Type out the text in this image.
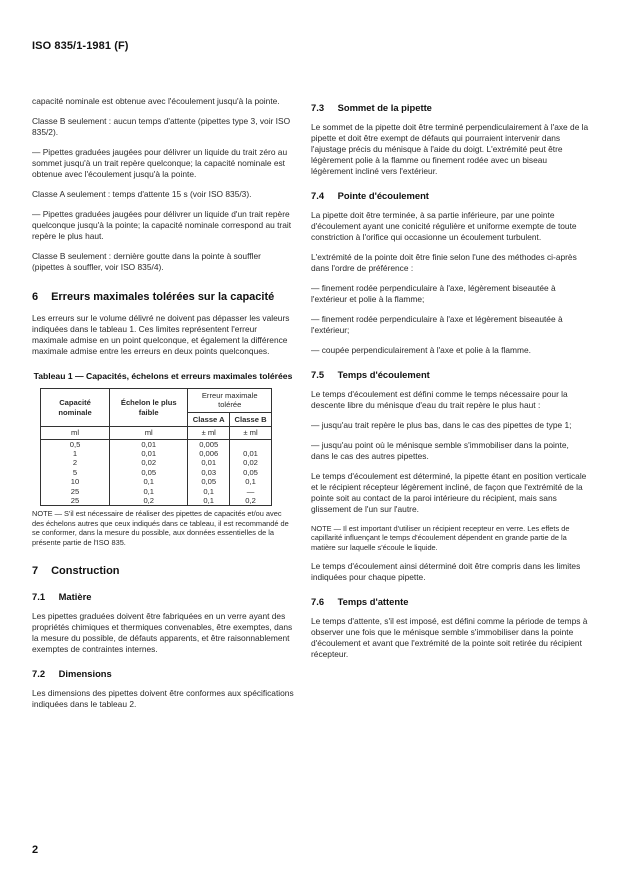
ISO 835/1-1981 (F)

capacité nominale est obtenue avec l'écoulement jusqu'à la pointe.

Classe B seulement : aucun temps d'attente (pipettes type 3, voir ISO 835/2).

— Pipettes graduées jaugées pour délivrer un liquide du trait zéro au sommet jusqu'à un trait repère quelconque; la capacité nominale est obtenue avec l'écoulement jusqu'à la pointe.

Classe A seulement : temps d'attente 15 s (voir ISO 835/3).

— Pipettes graduées jaugées pour délivrer un liquide d'un trait repère quelconque jusqu'à la pointe; la capacité nominale correspond au trait repère le plus haut.

Classe B seulement : dernière goutte dans la pointe à souffler (pipettes à souffler, voir ISO 835/4).

6 Erreurs maximales tolérées sur la capacité

Les erreurs sur le volume délivré ne doivent pas dépasser les valeurs indiquées dans le tableau 1. Ces limites représentent l'erreur maximale admise en un point quelconque, et également la différence maximale admise entre les erreurs en deux points quelconques.

Tableau 1 — Capacités, échelons et erreurs maximales tolérées
Capacité nominale	Échelon le plus faible	Erreur maximale tolérée	
		Classe A	Classe B
ml	ml	± ml	± ml
0,5	0,01	0,005	
1	0,01	0,006	0,01
2	0,02	0,01	0,02
5	0,05	0,03	0,05
10	0,1	0,05	0,1
25	0,1	0,1	—
25	0,2	0,1	0,2

NOTE — S'il est nécessaire de réaliser des pipettes de capacités et/ou avec des échelons autres que ceux indiqués dans ce tableau, il est recommandé de se conformer, dans la mesure du possible, aux données essentielles de la présente partie de l'ISO 835.

7 Construction
7.1 Matière

Les pipettes graduées doivent être fabriquées en un verre ayant des propriétés chimiques et thermiques convenables, être exemptes, dans la mesure du possible, de défauts apparents, et être raisonnablement exemptes de contraintes internes.

7.2 Dimensions

Les dimensions des pipettes doivent être conformes aux spécifications indiquées dans le tableau 2.

7.3 Sommet de la pipette

Le sommet de la pipette doit être terminé perpendiculairement à l'axe de la pipette et doit être exempt de défauts qui pourraient intervenir dans l'ajustage précis du ménisque à l'aide du doigt. L'extrémité peut être légèrement polie à la flamme ou finement rodée avec un biseau légèrement incliné vers l'extérieur.

7.4 Pointe d'écoulement

La pipette doit être terminée, à sa partie inférieure, par une pointe d'écoulement ayant une conicité régulière et uniforme exempte de toute constriction à l'orifice qui occasionne un écoulement turbulent.

L'extrémité de la pointe doit être finie selon l'une des méthodes ci-après dans l'ordre de préférence :

— finement rodée perpendiculaire à l'axe, légèrement biseautée à l'extérieur et polie à la flamme;

— finement rodée perpendiculaire à l'axe et légèrement biseautée à l'extérieur;

— coupée perpendiculairement à l'axe et polie à la flamme.

7.5 Temps d'écoulement

Le temps d'écoulement est défini comme le temps nécessaire pour la descente libre du ménisque d'eau du trait repère le plus haut :

— jusqu'au trait repère le plus bas, dans le cas des pipettes de type 1;

— jusqu'au point où le ménisque semble s'immobiliser dans la pointe, dans le cas des autres pipettes.

Le temps d'écoulement est déterminé, la pipette étant en position verticale et le récipient récepteur légèrement incliné, de façon que l'extrémité de la pointe soit au contact de la paroi intérieure du récipient, mais sans glissement de l'un sur l'autre.

NOTE — Il est important d'utiliser un récipient recepteur en verre. Les effets de capillarité influençant le temps d'écoulement dépendent en grande partie de la matière sur laquelle s'écoule le liquide.

Le temps d'écoulement ainsi déterminé doit être compris dans les limites indiquées pour chaque pipette.

7.6 Temps d'attente

Le temps d'attente, s'il est imposé, est défini comme la période de temps à observer une fois que le ménisque semble s'immobiliser dans la pointe d'écoulement et avant que l'extrémité de la pointe soit retirée du récipient récepteur.

2
